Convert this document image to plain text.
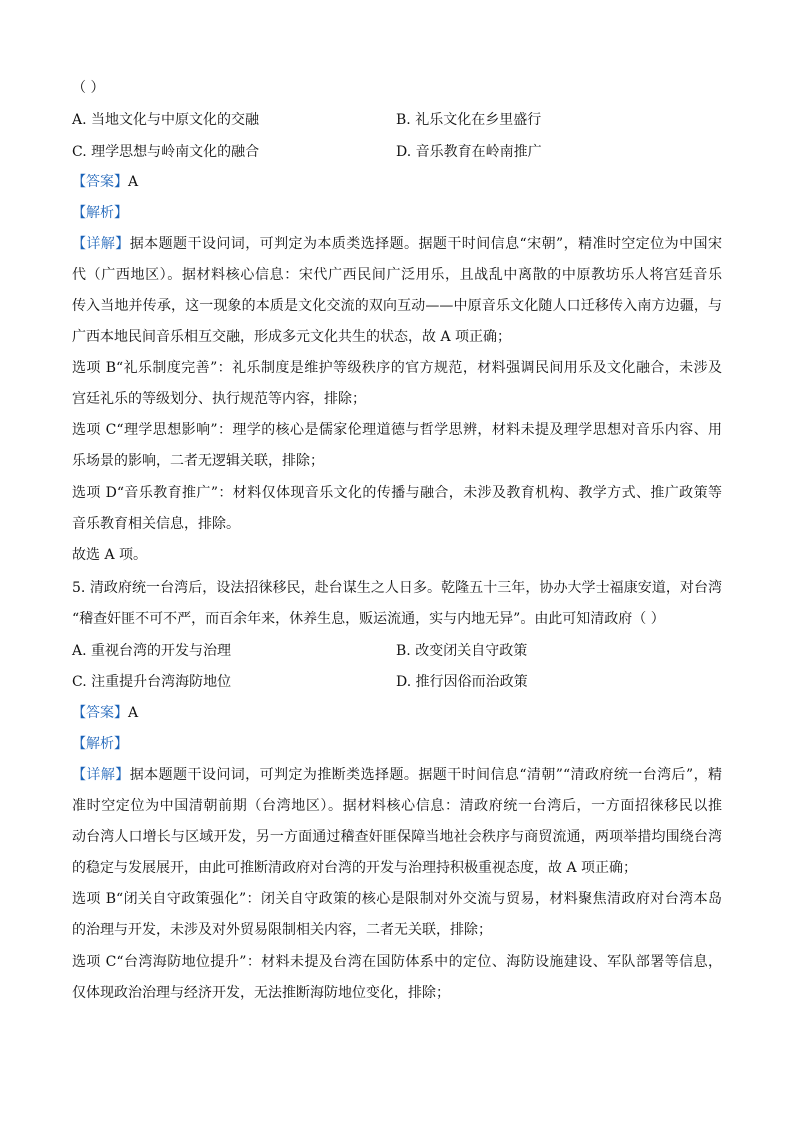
（ ）
A. 当地文化与中原文化的交融	B. 礼乐文化在乡里盛行
C. 理学思想与岭南文化的融合	D. 音乐教育在岭南推广
【答案】A
【解析】
【详解】据本题题干设问词，可判定为本质类选择题。据题干时间信息“宋朝”，精准时空定位为中国宋
代（广西地区）。据材料核心信息：宋代广西民间广泛用乐，且战乱中离散的中原教坊乐人将宫廷音乐
传入当地并传承，这一现象的本质是文化交流的双向互动——中原音乐文化随人口迁移传入南方边疆，与
广西本地民间音乐相互交融，形成多元文化共生的状态，故 A 项正确；
选项 B“礼乐制度完善”：礼乐制度是维护等级秩序的官方规范，材料强调民间用乐及文化融合，未涉及
宫廷礼乐的等级划分、执行规范等内容，排除；
选项 C“理学思想影响”：理学的核心是儒家伦理道德与哲学思辨，材料未提及理学思想对音乐内容、用
乐场景的影响，二者无逻辑关联，排除；
选项 D“音乐教育推广”：材料仅体现音乐文化的传播与融合，未涉及教育机构、教学方式、推广政策等
音乐教育相关信息，排除。
故选 A 项。
5. 清政府统一台湾后，设法招徕移民，赴台谋生之人日多。乾隆五十三年，协办大学士福康安道，对台湾
“稽查奸匪不可不严，而百余年来，休养生息，贩运流通，实与内地无异”。由此可知清政府（ ）
A. 重视台湾的开发与治理	B. 改变闭关自守政策
C. 注重提升台湾海防地位	D. 推行因俗而治政策
【答案】A
【解析】
【详解】据本题题干设问词，可判定为推断类选择题。据题干时间信息“清朝”“清政府统一台湾后”，精
准时空定位为中国清朝前期（台湾地区）。据材料核心信息：清政府统一台湾后，一方面招徕移民以推
动台湾人口增长与区域开发，另一方面通过稽查奸匪保障当地社会秩序与商贸流通，两项举措均围绕台湾
的稳定与发展展开，由此可推断清政府对台湾的开发与治理持积极重视态度，故 A 项正确；
选项 B“闭关自守政策强化”：闭关自守政策的核心是限制对外交流与贸易，材料聚焦清政府对台湾本岛
的治理与开发，未涉及对外贸易限制相关内容，二者无关联，排除；
选项 C“台湾海防地位提升”：材料未提及台湾在国防体系中的定位、海防设施建设、军队部署等信息，
仅体现政治治理与经济开发，无法推断海防地位变化，排除；
